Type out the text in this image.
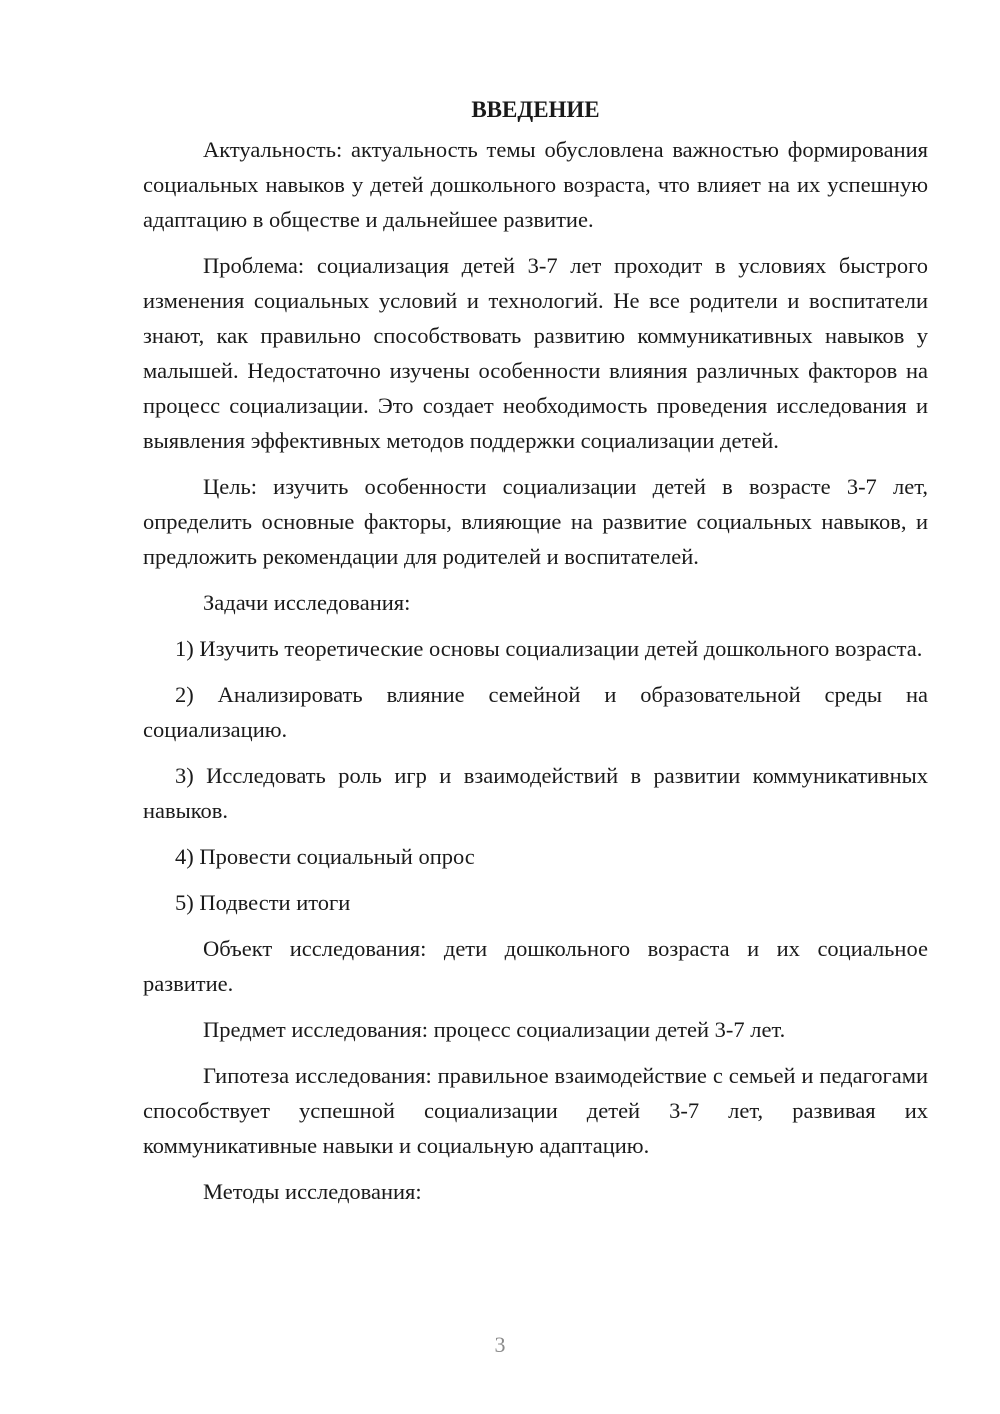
ВВЕДЕНИЕ

Актуальность: актуальность темы обусловлена важностью формирования социальных навыков у детей дошкольного возраста, что влияет на их успешную адаптацию в обществе и дальнейшее развитие.

Проблема: социализация детей 3-7 лет проходит в условиях быстрого изменения социальных условий и технологий. Не все родители и воспитатели знают, как правильно способствовать развитию коммуникативных навыков у малышей. Недостаточно изучены особенности влияния различных факторов на процесс социализации. Это создает необходимость проведения исследования и выявления эффективных методов поддержки социализации детей.

Цель: изучить особенности социализации детей в возрасте 3-7 лет, определить основные факторы, влияющие на развитие социальных навыков, и предложить рекомендации для родителей и воспитателей.

Задачи исследования:

1) Изучить теоретические основы социализации детей дошкольного возраста.

2) Анализировать влияние семейной и образовательной среды на социализацию.

3) Исследовать роль игр и взаимодействий в развитии коммуникативных навыков.

4) Провести социальный опрос

5) Подвести итоги

Объект исследования: дети дошкольного возраста и их социальное развитие.

Предмет исследования: процесс социализации детей 3-7 лет.

Гипотеза исследования: правильное взаимодействие с семьей и педагогами способствует успешной социализации детей 3-7 лет, развивая их коммуникативные навыки и социальную адаптацию.

Методы исследования:

3
